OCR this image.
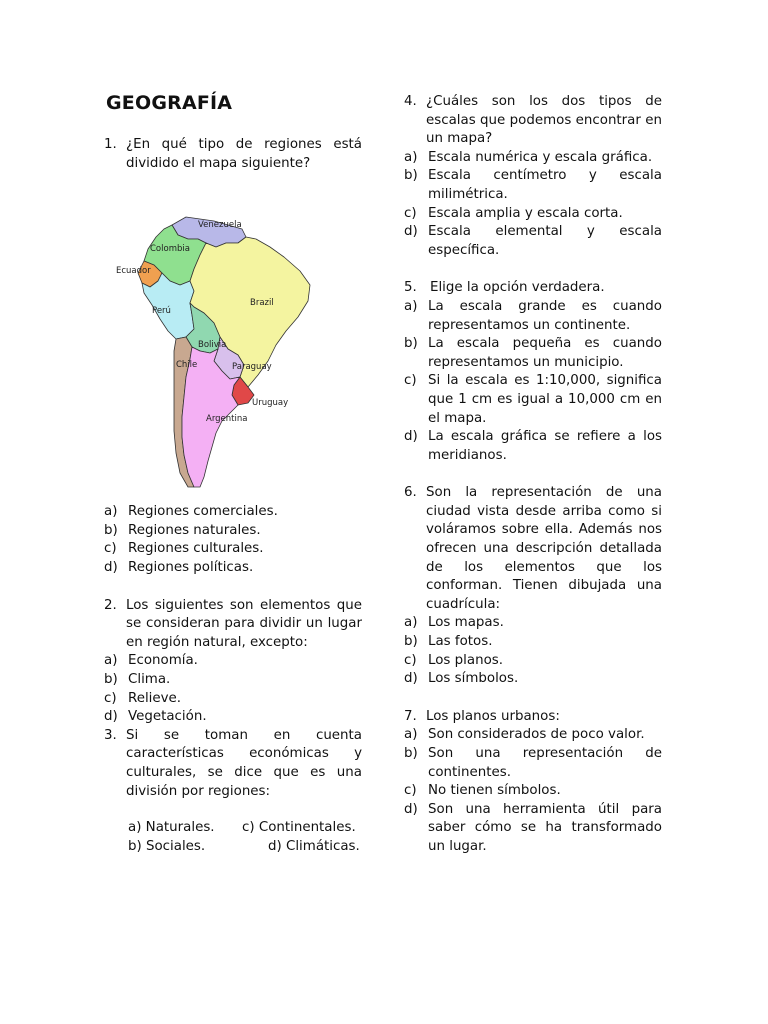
GEOGRAFÍA
1. ¿En qué tipo de regiones está dividido el mapa siguiente?
Venezuela
Colombia
Ecuador
Perú
Brazil
Bolivia
Chile	Paraguay
Uruguay
Argentina
a) Regiones comerciales.
b) Regiones naturales.
c) Regiones culturales.
d) Regiones políticas.
2. Los siguientes son elementos que se consideran para dividir un lugar en región natural, excepto:
a) Economía.
b) Clima.
c) Relieve.
d) Vegetación.
3. Si se toman en cuenta características económicas y culturales, se dice que es una división por regiones:
a) Naturales. c) Continentales.
b) Sociales.	d) Climáticas.
4. ¿Cuáles son los dos tipos de escalas que podemos encontrar en un mapa?
a) Escala numérica y escala gráfica.
b) Escala centímetro y escala milimétrica.
c) Escala amplia y escala corta.
d) Escala elemental y escala específica.
5. Elige la opción verdadera.
a) La escala grande es cuando representamos un continente.
b) La escala pequeña es cuando representamos un municipio.
c) Si la escala es 1:10,000, significa que 1 cm es igual a 10,000 cm en el mapa.
d) La escala gráfica se refiere a los meridianos.
6. Son la representación de una ciudad vista desde arriba como si voláramos sobre ella. Además nos ofrecen una descripción detallada de los elementos que los conforman. Tienen dibujada una cuadrícula:
a) Los mapas.
b) Las fotos.
c) Los planos.
d) Los símbolos.
7. Los planos urbanos:
a) Son considerados de poco valor.
b) Son una representación de continentes.
c) No tienen símbolos.
d) Son una herramienta útil para saber cómo se ha transformado un lugar.
